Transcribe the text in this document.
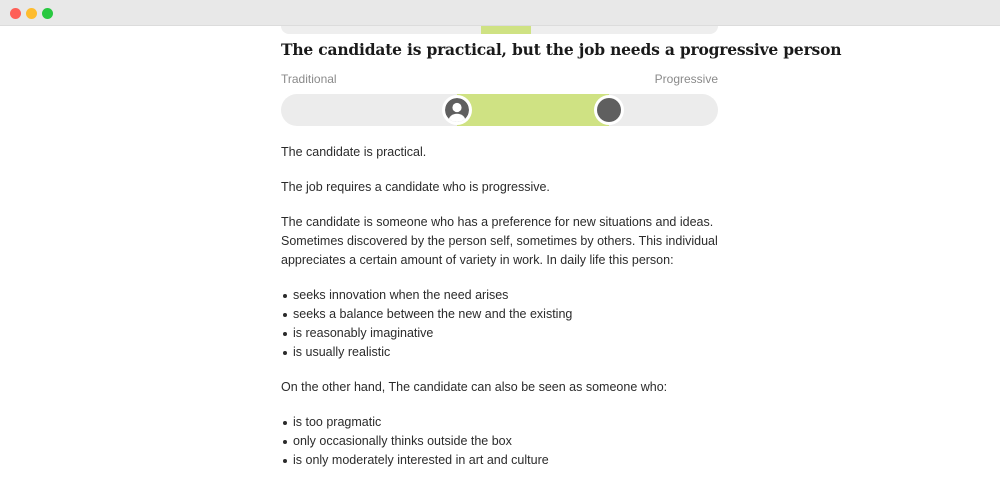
The candidate is practical, but the job needs a progressive person
Traditional	Progressive

The candidate is practical.

The job requires a candidate who is progressive.

The candidate is someone who has a preference for new situations and ideas. Sometimes discovered by the person self, sometimes by others. This individual appreciates a certain amount of variety in work. In daily life this person:

seeks innovation when the need arises
seeks a balance between the new and the existing
is reasonably imaginative
is usually realistic

On the other hand, The candidate can also be seen as someone who:

is too pragmatic
only occasionally thinks outside the box
is only moderately interested in art and culture
